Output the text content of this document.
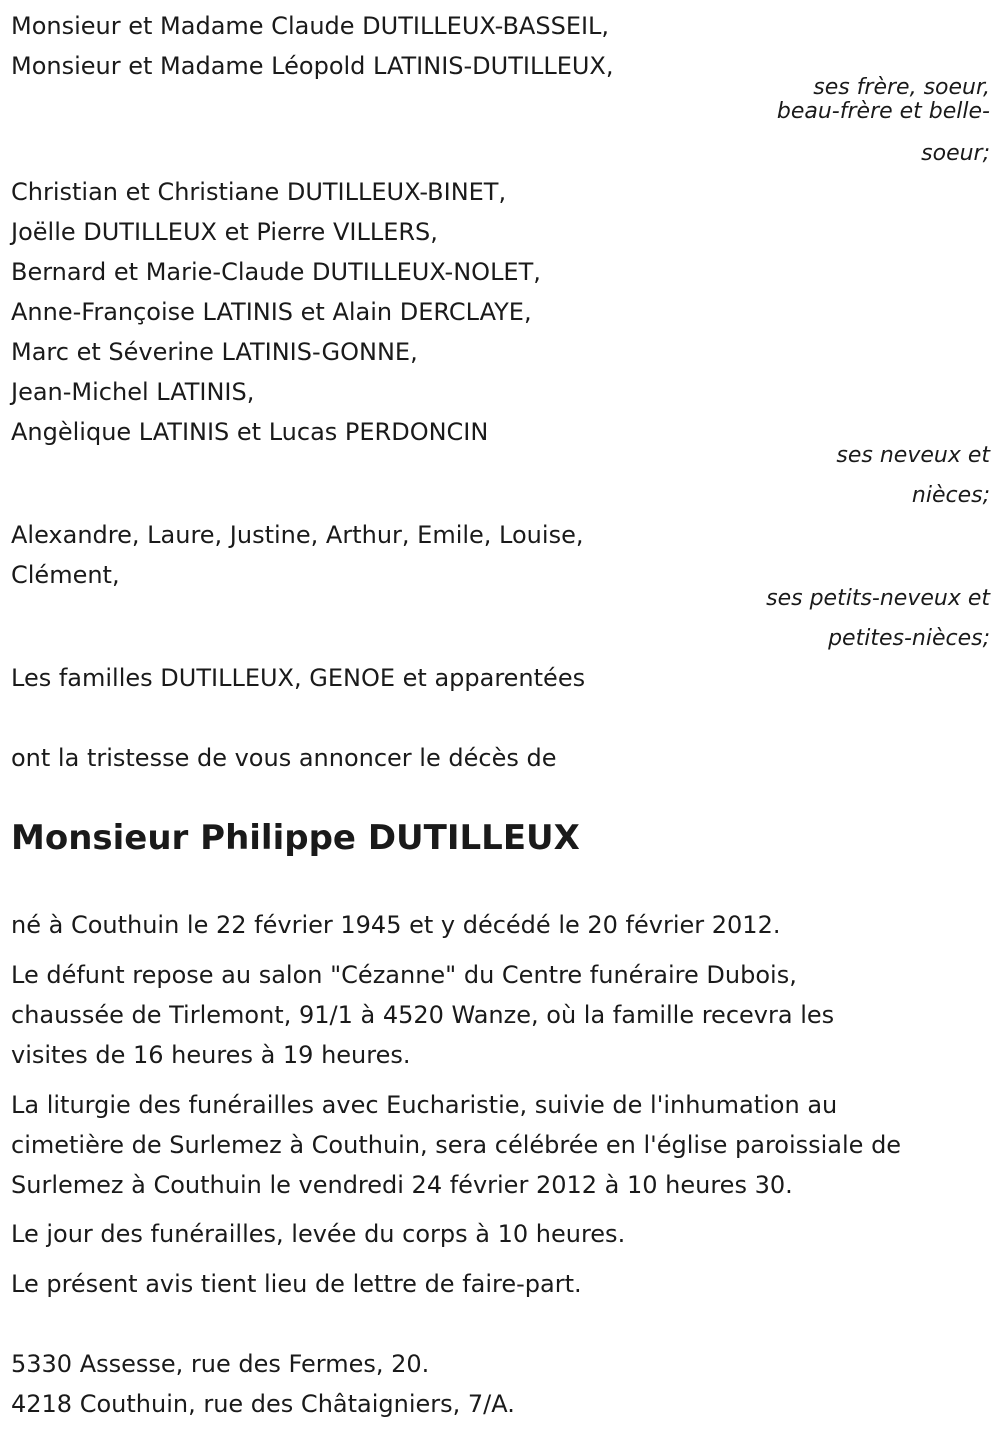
Monsieur et Madame Claude DUTILLEUX-BASSEIL,
Monsieur et Madame Léopold LATINIS-DUTILLEUX,
ses frère, soeur,
beau-frère et belle-
soeur;
Christian et Christiane DUTILLEUX-BINET,
Joëlle DUTILLEUX et Pierre VILLERS,
Bernard et Marie-Claude DUTILLEUX-NOLET,
Anne-Françoise LATINIS et Alain DERCLAYE,
Marc et Séverine LATINIS-GONNE,
Jean-Michel LATINIS,
Angèlique LATINIS et Lucas PERDONCIN
ses neveux et
nièces;
Alexandre, Laure, Justine, Arthur, Emile, Louise,
Clément,
ses petits-neveux et
petites-nièces;
Les familles DUTILLEUX, GENOE et apparentées
ont la tristesse de vous annoncer le décès de
Monsieur Philippe DUTILLEUX
né à Couthuin le 22 février 1945 et y décédé le 20 février 2012.
Le défunt repose au salon "Cézanne" du Centre funéraire Dubois,
chaussée de Tirlemont, 91/1 à 4520 Wanze, où la famille recevra les
visites de 16 heures à 19 heures.
La liturgie des funérailles avec Eucharistie, suivie de l'inhumation au
cimetière de Surlemez à Couthuin, sera célébrée en l'église paroissiale de
Surlemez à Couthuin le vendredi 24 février 2012 à 10 heures 30.
Le jour des funérailles, levée du corps à 10 heures.
Le présent avis tient lieu de lettre de faire-part.
5330 Assesse, rue des Fermes, 20.
4218 Couthuin, rue des Châtaigniers, 7/A.
